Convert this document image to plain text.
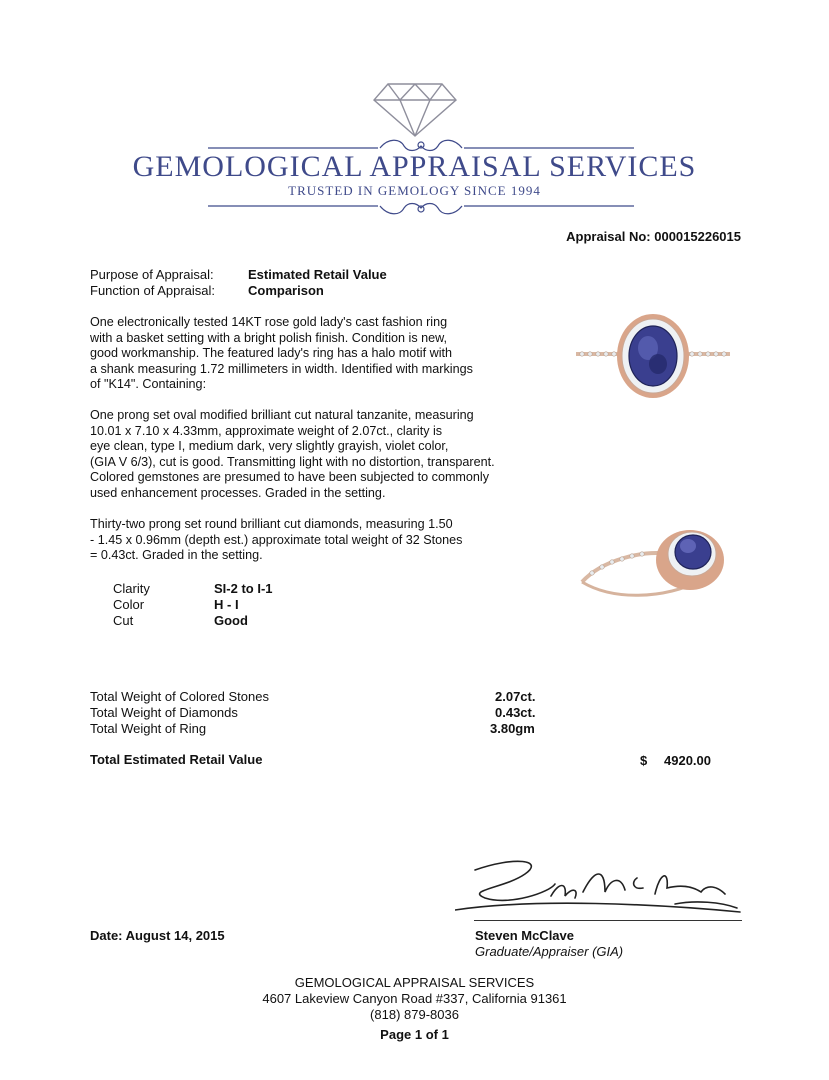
GEMOLOGICAL APPRAISAL SERVICES
TRUSTED IN GEMOLOGY SINCE 1994
Appraisal No: 000015226015
Purpose of Appraisal:	Estimated Retail Value
Function of Appraisal:	Comparison

One electronically tested 14KT rose gold lady's cast fashion ring

with a basket setting with a bright polish finish. Condition is new,

good workmanship. The featured lady's ring has a halo motif with

a shank measuring 1.72 millimeters in width. Identified with markings

of "K14". Containing:

One prong set oval modified brilliant cut natural tanzanite, measuring

10.01 x 7.10 x 4.33mm, approximate weight of 2.07ct., clarity is

eye clean, type I, medium dark, very slightly grayish, violet color,

(GIA V 6/3), cut is good. Transmitting light with no distortion, transparent.

Colored gemstones are presumed to have been subjected to commonly

used enhancement processes. Graded in the setting.

Thirty-two prong set round brilliant cut diamonds, measuring 1.50

- 1.45 x 0.96mm (depth est.) approximate total weight of 32 Stones

= 0.43ct. Graded in the setting.

Clarity	SI-2 to I-1
Color	H - I
Cut	Good
Total Weight of Colored Stones	2.07ct.
Total Weight of Diamonds	0.43ct.
Total Weight of Ring	3.80gm
Total Estimated Retail Value	$ 4920.00
Date: August 14, 2015	Steven McClave
Graduate/Appraiser (GIA)
GEMOLOGICAL APPRAISAL SERVICES
4607 Lakeview Canyon Road #337, California 91361
(818) 879-8036
Page 1 of 1
